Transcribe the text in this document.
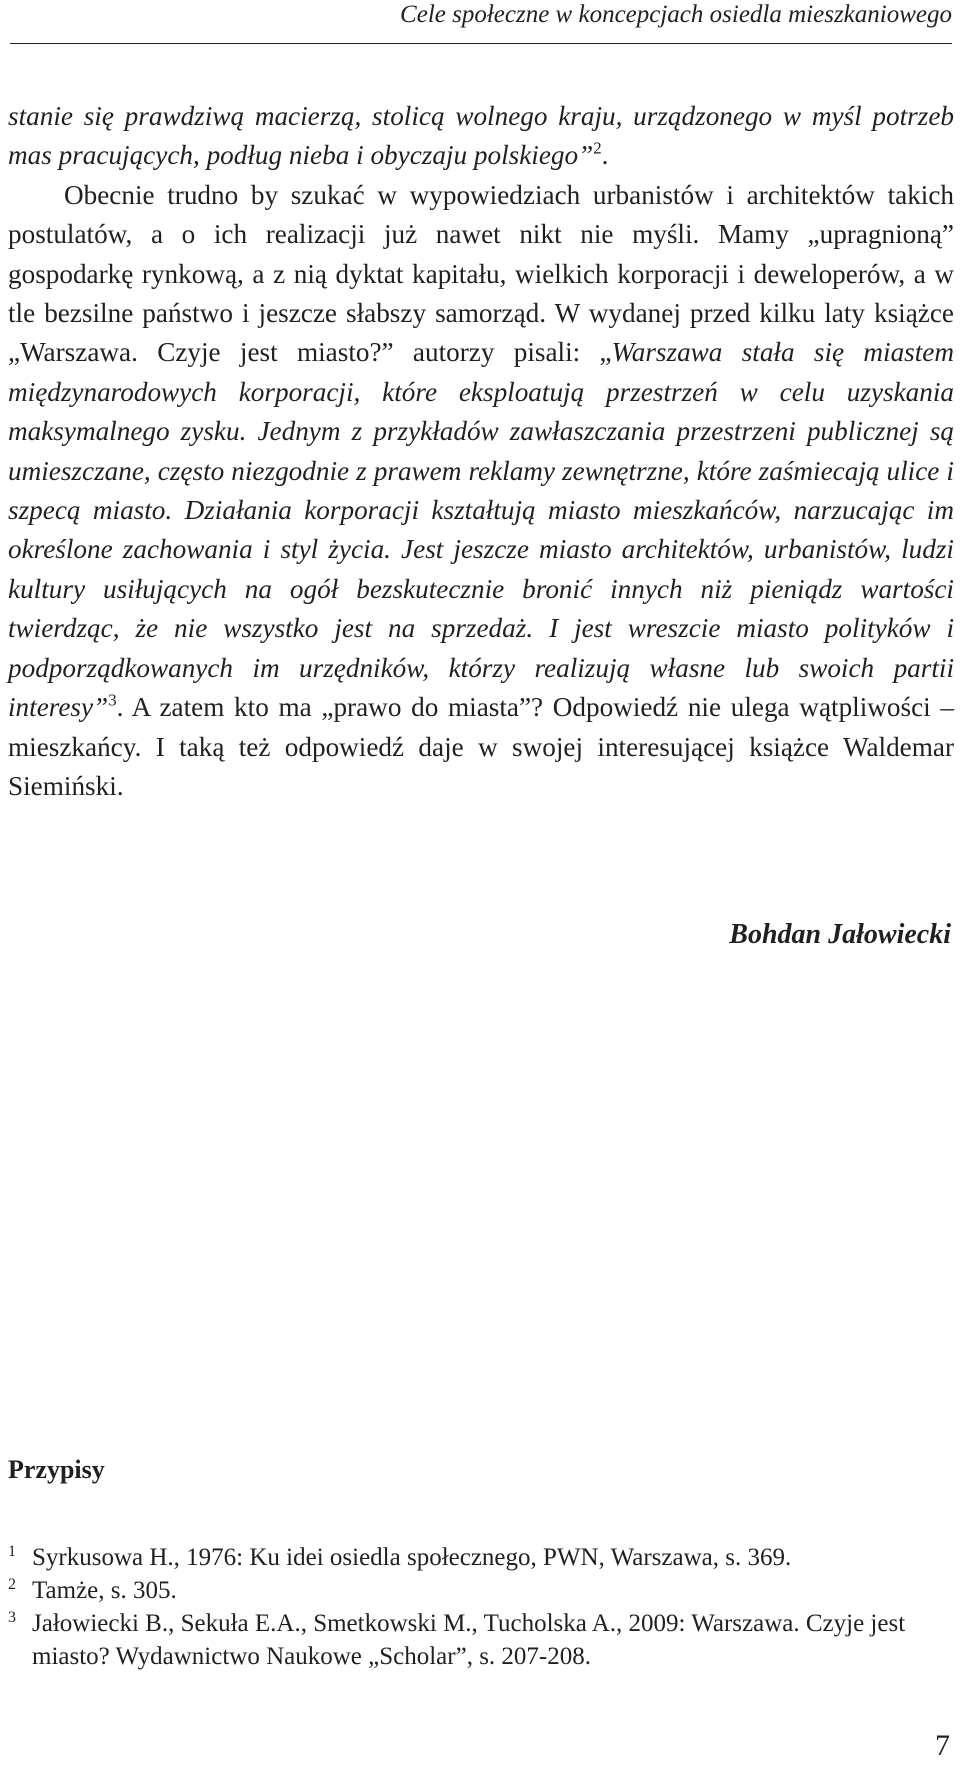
Cele społeczne w koncepcjach osiedla mieszkaniowego

stanie się prawdziwą macierzą, stolicą wolnego kraju, urządzonego w myśl potrzeb mas pracujących, podług nieba i obyczaju polskiego”$^2$.

Obecnie trudno by szukać w wypowiedziach urbanistów i architektów takich postulatów, a o ich realizacji już nawet nikt nie myśli. Mamy „upragnioną” gospodarkę rynkową, a z nią dyktat kapitału, wielkich korporacji i deweloperów, a w tle bezsilne państwo i jeszcze słabszy samorząd. W wydanej przed kilku laty książce „Warszawa. Czyje jest miasto?” autorzy pisali: „Warszawa stała się miastem międzynarodowych korporacji, które eksploatują przestrzeń w celu uzyskania maksymalnego zysku. Jednym z przykładów zawłaszczania przestrzeni publicznej są umieszczane, często niezgodnie z prawem reklamy zewnętrzne, które zaśmiecają ulice i szpecą miasto. Działania korporacji kształtują miasto mieszkańców, narzucając im określone zachowania i styl życia. Jest jeszcze miasto architektów, urbanistów, ludzi kultury usiłujących na ogół bezskutecznie bronić innych niż pieniądz wartości twierdząc, że nie wszystko jest na sprzedaż. I jest wreszcie miasto polityków i podporządkowanych im urzędników, którzy realizują własne lub swoich partii interesy”$^3$. A zatem kto ma „prawo do miasta”? Odpowiedź nie ulega wątpliwości – mieszkańcy. I taką też odpowiedź daje w swojej interesującej książce Waldemar Siemiński.

Bohdan Jałowiecki
Przypisy
1 Syrkusowa H., 1976: Ku idei osiedla społecznego, PWN, Warszawa, s. 369.
2 Tamże, s. 305.
3 Jałowiecki B., Sekuła E.A., Smetkowski M., Tucholska A., 2009: Warszawa. Czyje jest miasto? Wydawnictwo Naukowe „Scholar”, s. 207-208.
7
